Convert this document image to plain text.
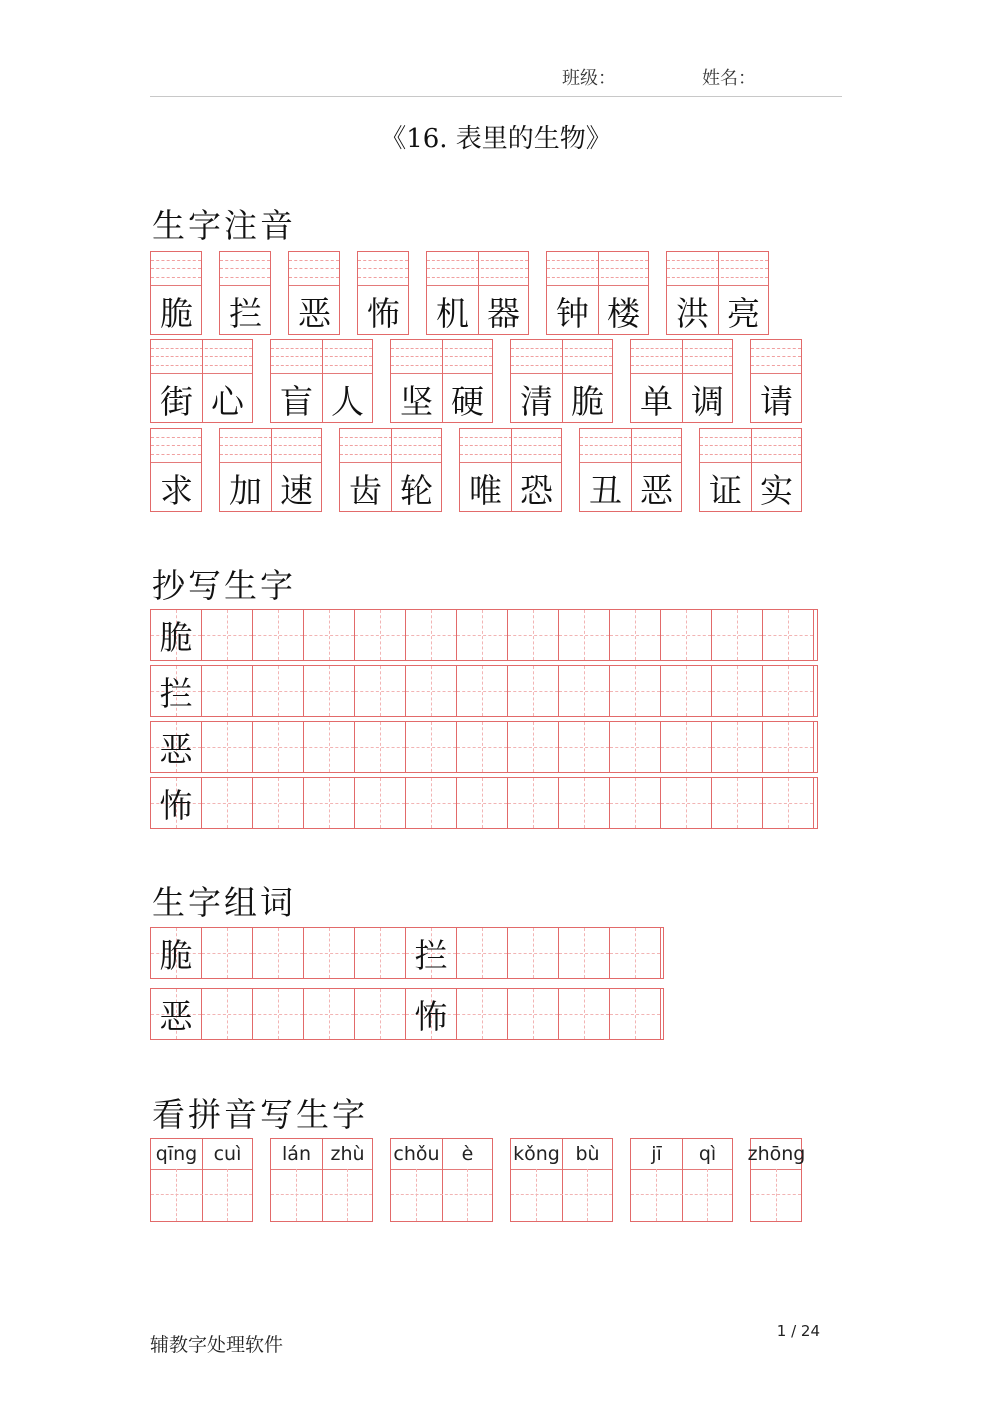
班级：	姓名：
《16. 表里的生物》
生字注音
脆 拦 恶 怖 机 器 钟 楼 洪 亮
街 心 盲 人 坚 硬 清 脆 单 调 请
求 加 速 齿 轮 唯 恐 丑 恶 证 实
抄写生字
脆
拦
恶
怖
生字组词
脆	拦
恶	怖
看拼音写生字
qīng cuì	lán	zhù	chǒu	è	kǒng bù	jī	qì	zhōng
辅教字处理软件
1 / 24
